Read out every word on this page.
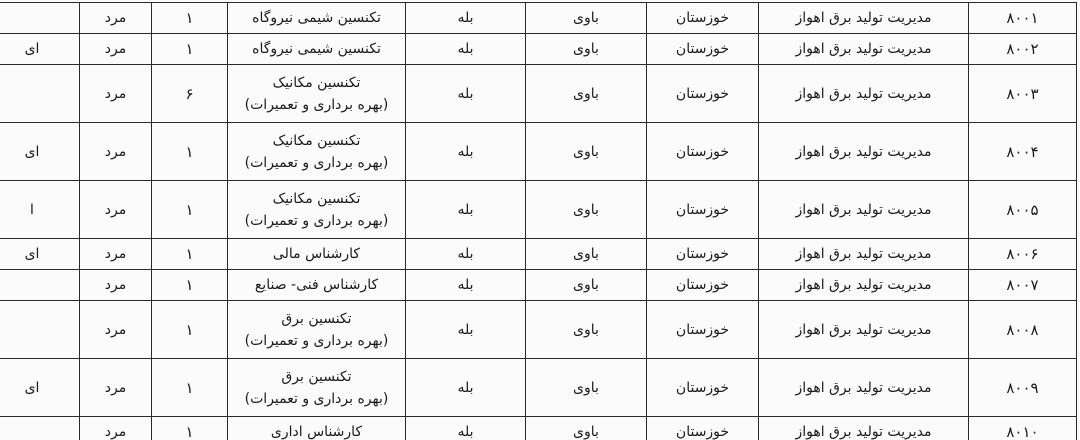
۸۰۰۱	مدیریت تولید برق اهواز	خوزستان	باوی	بله	تکنسین شیمی نیروگاه	۱	مرد	
۸۰۰۲	مدیریت تولید برق اهواز	خوزستان	باوی	بله	تکنسین شیمی نیروگاه	۱	مرد	ای
۸۰۰۳	مدیریت تولید برق اهواز	خوزستان	باوی	بله	تکنسین مکانیک
(بهره برداری و تعمیرات)	۶	مرد	
۸۰۰۴	مدیریت تولید برق اهواز	خوزستان	باوی	بله	تکنسین مکانیک
(بهره برداری و تعمیرات)	۱	مرد	ای
۸۰۰۵	مدیریت تولید برق اهواز	خوزستان	باوی	بله	تکنسین مکانیک
(بهره برداری و تعمیرات)	۱	مرد	ا
۸۰۰۶	مدیریت تولید برق اهواز	خوزستان	باوی	بله	کارشناس مالی	۱	مرد	ای
۸۰۰۷	مدیریت تولید برق اهواز	خوزستان	باوی	بله	کارشناس فنی- صنایع	۱	مرد	
۸۰۰۸	مدیریت تولید برق اهواز	خوزستان	باوی	بله	تکنسین برق
(بهره برداری و تعمیرات)	۱	مرد	
۸۰۰۹	مدیریت تولید برق اهواز	خوزستان	باوی	بله	تکنسین برق
(بهره برداری و تعمیرات)	۱	مرد	ای
۸۰۱۰	مدیریت تولید برق اهواز	خوزستان	باوی	بله	کارشناس اداری	۱	مرد	
